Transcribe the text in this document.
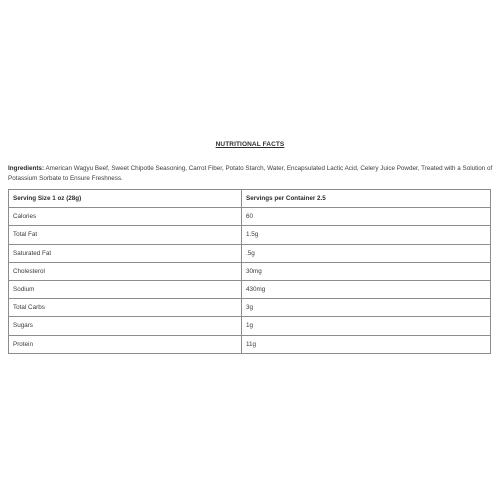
NUTRITIONAL FACTS
Ingredients: American Wagyu Beef, Sweet Chipotle Seasoning, Carrot Fiber, Potato Starch, Water, Encapsulated Lactic Acid, Celery Juice Powder, Treated with a Solution of Potassium Sorbate to Ensure Freshness.
Serving Size 1 oz (28g)	Servings per Container 2.5
Calories	60
Total Fat	1.5g
Saturated Fat	.5g
Cholesterol	30mg
Sodium	430mg
Total Carbs	3g
Sugars	1g
Protein	11g
